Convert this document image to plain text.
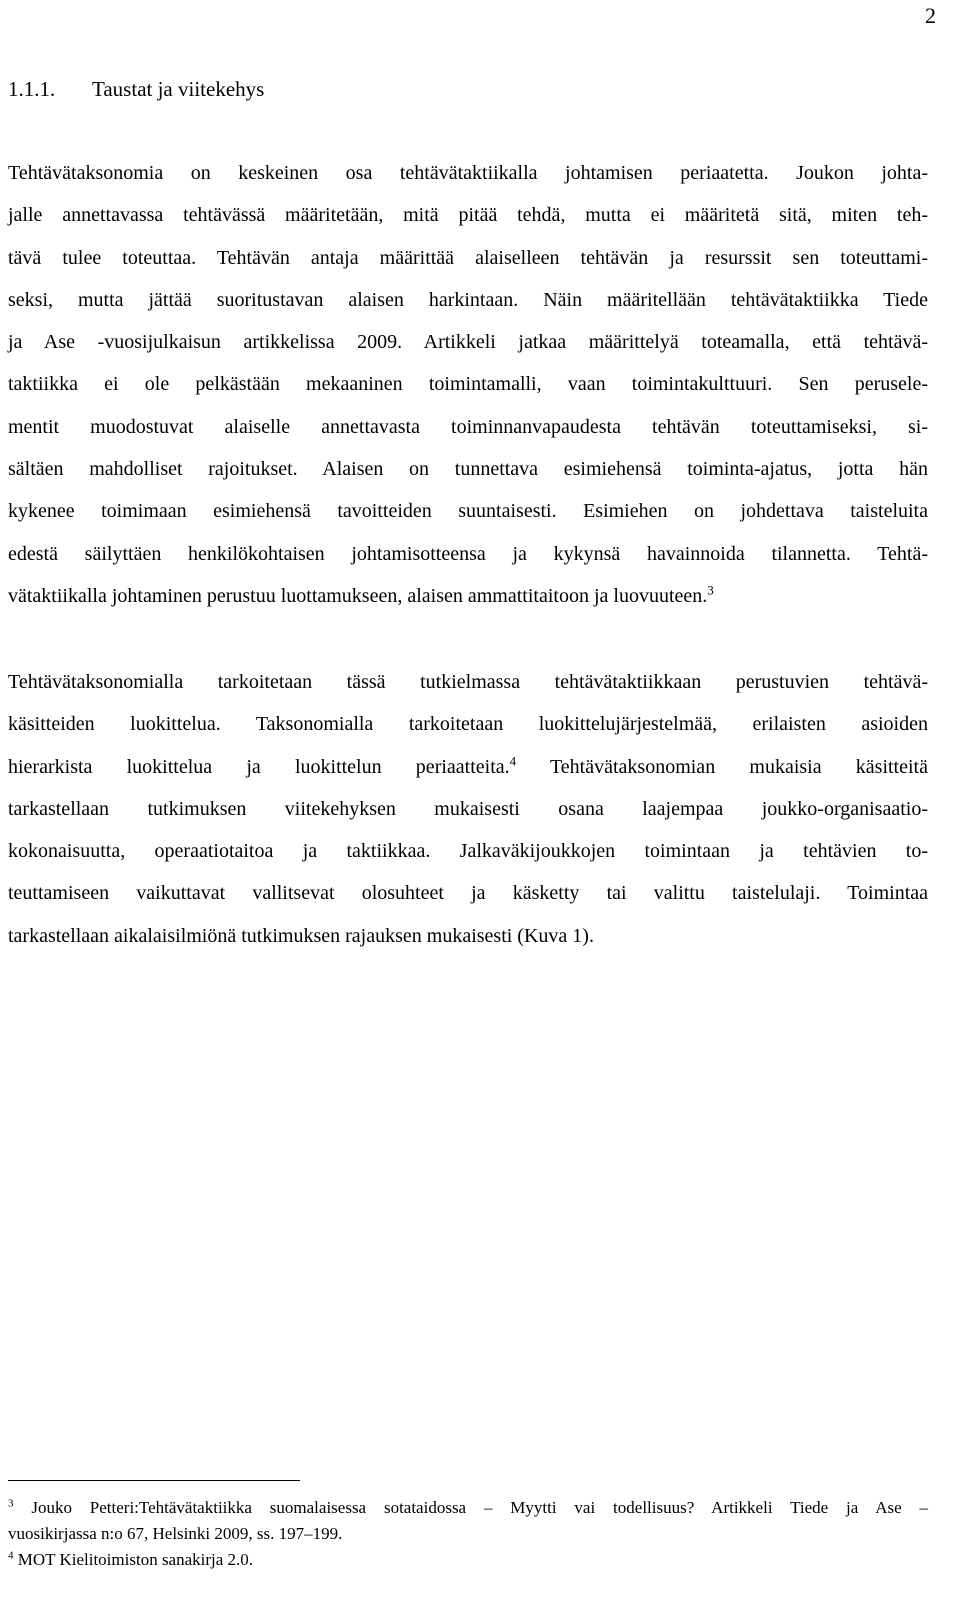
2
1.1.1. Taustat ja viitekehys

Tehtävätaksonomia on keskeinen osa tehtävätaktiikalla johtamisen periaatetta. Joukon johta-
jalle annettavassa tehtävässä määritetään, mitä pitää tehdä, mutta ei määritetä sitä, miten teh-
tävä tulee toteuttaa. Tehtävän antaja määrittää alaiselleen tehtävän ja resurssit sen toteuttami-
seksi, mutta jättää suoritustavan alaisen harkintaan. Näin määritellään tehtävätaktiikka Tiede
ja Ase -vuosijulkaisun artikkelissa 2009. Artikkeli jatkaa määrittelyä toteamalla, että tehtävä-
taktiikka ei ole pelkästään mekaaninen toimintamalli, vaan toimintakulttuuri. Sen perusele-
mentit muodostuvat alaiselle annettavasta toiminnanvapaudesta tehtävän toteuttamiseksi, si-
sältäen mahdolliset rajoitukset. Alaisen on tunnettava esimiehensä toiminta-ajatus, jotta hän
kykenee toimimaan esimiehensä tavoitteiden suuntaisesti. Esimiehen on johdettava taisteluita
edestä säilyttäen henkilökohtaisen johtamisotteensa ja kykynsä havainnoida tilannetta. Tehtä-
vätaktiikalla johtaminen perustuu luottamukseen, alaisen ammattitaitoon ja luovuuteen.$^3$

Tehtävätaksonomialla tarkoitetaan tässä tutkielmassa tehtävätaktiikkaan perustuvien tehtävä-
käsitteiden luokittelua. Taksonomialla tarkoitetaan luokittelujärjestelmää, erilaisten asioiden
hierarkista luokittelua ja luokittelun periaatteita.$^4$ Tehtävätaksonomian mukaisia käsitteitä
tarkastellaan tutkimuksen viitekehyksen mukaisesti osana laajempaa joukko-organisaatio-
kokonaisuutta, operaatiotaitoa ja taktiikkaa. Jalkaväkijoukkojen toimintaan ja tehtävien to-
teuttamiseen vaikuttavat vallitsevat olosuhteet ja käsketty tai valittu taistelulaji. Toimintaa
tarkastellaan aikalaisilmiönä tutkimuksen rajauksen mukaisesti (Kuva 1).

$^3$ Jouko Petteri:Tehtävätaktiikka suomalaisessa sotataidossa – Myytti vai todellisuus? Artikkeli Tiede ja Ase –
vuosikirjassa n:o 67, Helsinki 2009, ss. 197–199.
$^4$ MOT Kielitoimiston sanakirja 2.0.
